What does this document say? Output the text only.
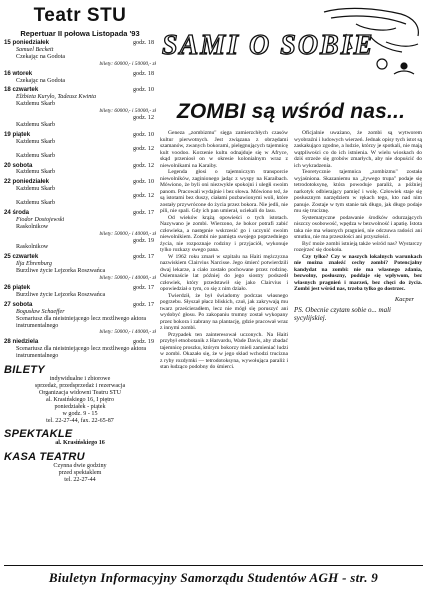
Teatr STU
Repertuar II połowa Listopada '93
15 poniedziałek	godz. 18
Samuel Beckett
Czekając na Godota
bilety: 60000,- i 50000,- zł
16 wtorek	godz. 18
Czekając na Godota
18 czwartek	godz. 10
Elżbieta Kuryło, Tadeusz Kwinta
Każdemu Skarb
bilety: 60000,- i 50000,- zł
godz. 12
Każdemu Skarb
19 piątek	godz. 10
Każdemu Skarb
godz. 12
Każdemu Skarb
20 sobota	godz. 12
Każdemu Skarb
22 poniedziałek	godz. 10
Każdemu Skarb
godz. 12
Każdemu Skarb
24 środa	godz. 17
Fiodor Dostojewski
Raskolnikow
bilety: 50000,- i 40000,- zł
godz. 19
Raskolnikow
25 czwartek	godz. 17
Ilja Ehrenburg
Burzliwe życie Lejzorka Roszwańca
bilety: 50000,- i 40000,- zł
26 piątek	godz. 17
Burzliwe życie Lejzorka Roszwańca
27 sobota	godz. 17
Bogusław Schaeffer
Scenariusz dla nieistniejącego lecz możliwego aktora instrumentalnego
bilety: 50000,- i 40000,- zł
28 niedziela	godz. 19
Scenariusz dla nieistniejącego lecz możliwego aktora instrumentalnego
BILETY
indywidualne i zbiorowe
sprzedaż, przedsprzedaż i rezerwacja
Organizacja widowni Teatru STU
al. Krasińskiego 16, I piętro
poniedziałek - piątek
w godz. 9 - 15
tel. 22-27-44, fax. 22-65-87
SPEKTAKLE
al. Krasińskiego 16
KASA TEATRU
Czynna dwie godziny
przed spektaklem
tel. 22-27-44
SAMI O SOBIE
ZOMBI są wśród nas...

Geneza „zombizmu" sięga zamierzchłych czasów kultur pierwotnych. Jest związana z obrzędami szamanów, zwanych bokorami, pielęgnujących tajemnicę kult voodoo. Korzenie kultu odnajduje się w Afryce, skąd przeniosł on w okresie kolonialnym wraz z niewolnikami na Karaiby.

Legenda głosi o tajemniczym transporcie niewolników, zaginionego jadąc z wyspy na Karaibach. Mówiono, że byli oni niezwykle spokojni i uległi swoim panom. Pracowali wydajnie i bez słowa. Mówiono też, że są istotami bez duszy, ciałami pozbawionymi woli, które zostały przywrócone do życia przez bokora. Nie jedli, nie pili, nie spali. Gdy ich pan umierał, uciekali do lasu.

Od wieków krążą opowieści o tych istotach. Nazywano je zombi. Wierzono, że bokor potrafi zabić człowieka, a następnie wskrzesić go i uczynić swoim niewolnikiem. Zombi nie pamięta swojego poprzedniego życia, nie rozpoznaje rodziny i przyjaciół, wykonuje tylko rozkazy swego pana.

W 1962 roku zmarł w szpitalu na Haiti mężczyzna nazwiskiem Clairvius Narcisse. Jego śmierć potwierdzili dwaj lekarze, a ciało zostało pochowane przez rodzinę. Osiemnaście lat później do jego siostry podszedł człowiek, który przedstawił się jako Clairvius i opowiedział o tym, co się z nim działo.

Twierdził, że był świadomy podczas własnego pogrzebu. Słyszał płacz bliskich, czuł, jak zakrywają mu twarz prześcieradłem, lecz nie mógł się poruszyć ani wydobyć głosu. Po zakopaniu trumny został wykopany przez bokora i zabrany na plantację, gdzie pracował wraz z innymi zombi.

Przypadek ten zainteresował uczonych. Na Haiti przybył etnobotanik z Harvardu, Wade Davis, aby zbadać tajemnicę proszku, którym bokorzy mieli zamieniać ludzi w zombi. Okazało się, że w jego skład wchodzi trucizna z ryby rozdymki — tetrodotoksyna, wywołująca paraliż i stan łudząco podobny do śmierci.

Oficjalnie uważano, że zombi są wytworem wyobraźni i ludowych wierzeń. Jednak opisy tych istot są zaskakująco zgodne, a ludzie, którzy je spotkali, nie mają wątpliwości co do ich istnienia. W wielu wioskach do dziś strzeże się grobów zmarłych, aby nie dopuścić do ich wykradzenia.

Teoretycznie tajemnica „zombizmu" została wyjaśniona. Skazaniemu na „żywego trupa" podaje się tetrodotoksynę, która powoduje paraliż, a później narkotyk odbierający pamięć i wolę. Człowiek staje się posłusznym narzędziem w rękach tego, kto nad nim panuje. Zostaje w tym stanie tak długo, jak długo podaje mu się truciznę.

Systematyczne podawanie środków odurzających niszczy osobowość, wpędza w bezwolność i apatię. Istota taka nie ma własnych pragnień, nie odczuwa radości ani smutku, nie ma przeszłości ani przyszłości.

Być może zombi istnieją także wśród nas? Wystarczy rozejrzeć się dookoła.

Czy tylko? Czy w naszych lokalnych warunkach nie można znaleźć cechy zombi? Potencjalny kandydat na zombi: nie ma własnego zdania, bezwolny, posłuszny, poddaje się wpływom, bez własnych pragnień i marzeń, bez chęci do życia. Zombi jest wśród nas, trzeba tylko go dostrzec.

Kacper

PS. Obecnie czytam sobie o... mali sycylijskiej.

Biuletyn Informacyjny Samorządu Studentów AGH - str. 9
